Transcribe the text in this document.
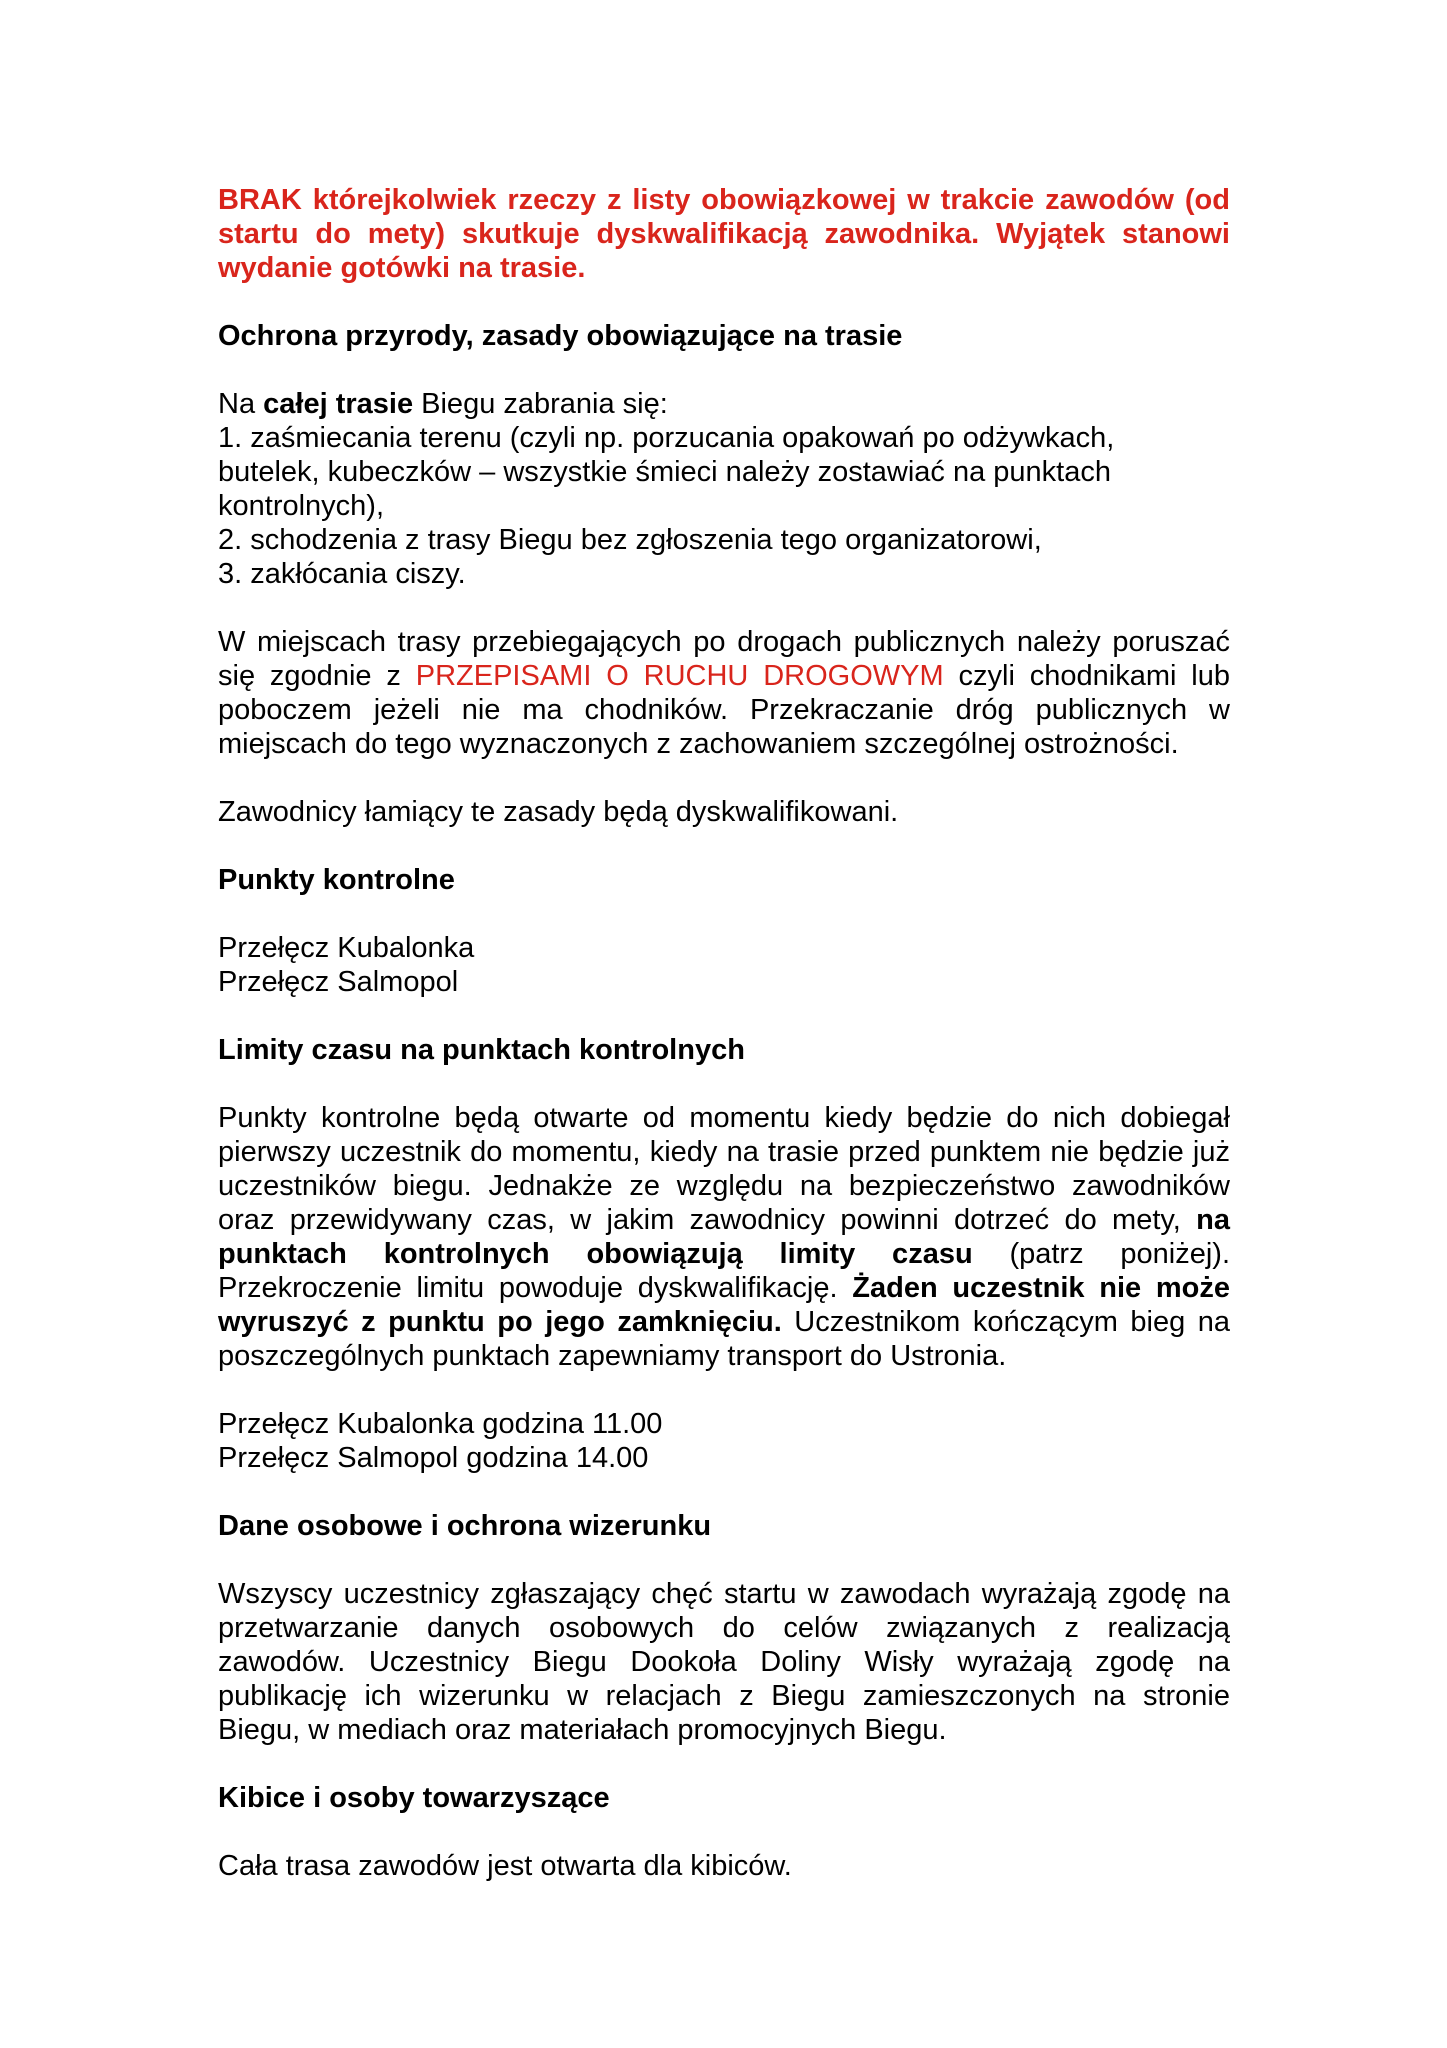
BRAK którejkolwiek rzeczy z listy obowiązkowej w trakcie zawodów (od
startu do mety) skutkuje dyskwalifikacją zawodnika. Wyjątek stanowi
wydanie gotówki na trasie.
Ochrona przyrody, zasady obowiązujące na trasie
Na całej trasie Biegu zabrania się:
1. zaśmiecania terenu (czyli np. porzucania opakowań po odżywkach,
butelek, kubeczków – wszystkie śmieci należy zostawiać na punktach
kontrolnych),
2. schodzenia z trasy Biegu bez zgłoszenia tego organizatorowi,
3. zakłócania ciszy.
W miejscach trasy przebiegających po drogach publicznych należy poruszać
się zgodnie z PRZEPISAMI O RUCHU DROGOWYM czyli chodnikami lub
poboczem jeżeli nie ma chodników. Przekraczanie dróg publicznych w
miejscach do tego wyznaczonych z zachowaniem szczególnej ostrożności.
Zawodnicy łamiący te zasady będą dyskwalifikowani.
Punkty kontrolne
Przełęcz Kubalonka
Przełęcz Salmopol
Limity czasu na punktach kontrolnych
Punkty kontrolne będą otwarte od momentu kiedy będzie do nich dobiegał
pierwszy uczestnik do momentu, kiedy na trasie przed punktem nie będzie już
uczestników biegu. Jednakże ze względu na bezpieczeństwo zawodników
oraz przewidywany czas, w jakim zawodnicy powinni dotrzeć do mety, na
punktach kontrolnych obowiązują limity czasu (patrz poniżej).
Przekroczenie limitu powoduje dyskwalifikację. Żaden uczestnik nie może
wyruszyć z punktu po jego zamknięciu. Uczestnikom kończącym bieg na
poszczególnych punktach zapewniamy transport do Ustronia.
Przełęcz Kubalonka godzina 11.00
Przełęcz Salmopol godzina 14.00
Dane osobowe i ochrona wizerunku
Wszyscy uczestnicy zgłaszający chęć startu w zawodach wyrażają zgodę na
przetwarzanie danych osobowych do celów związanych z realizacją
zawodów. Uczestnicy Biegu Dookoła Doliny Wisły wyrażają zgodę na
publikację ich wizerunku w relacjach z Biegu zamieszczonych na stronie
Biegu, w mediach oraz materiałach promocyjnych Biegu.
Kibice i osoby towarzyszące
Cała trasa zawodów jest otwarta dla kibiców.
